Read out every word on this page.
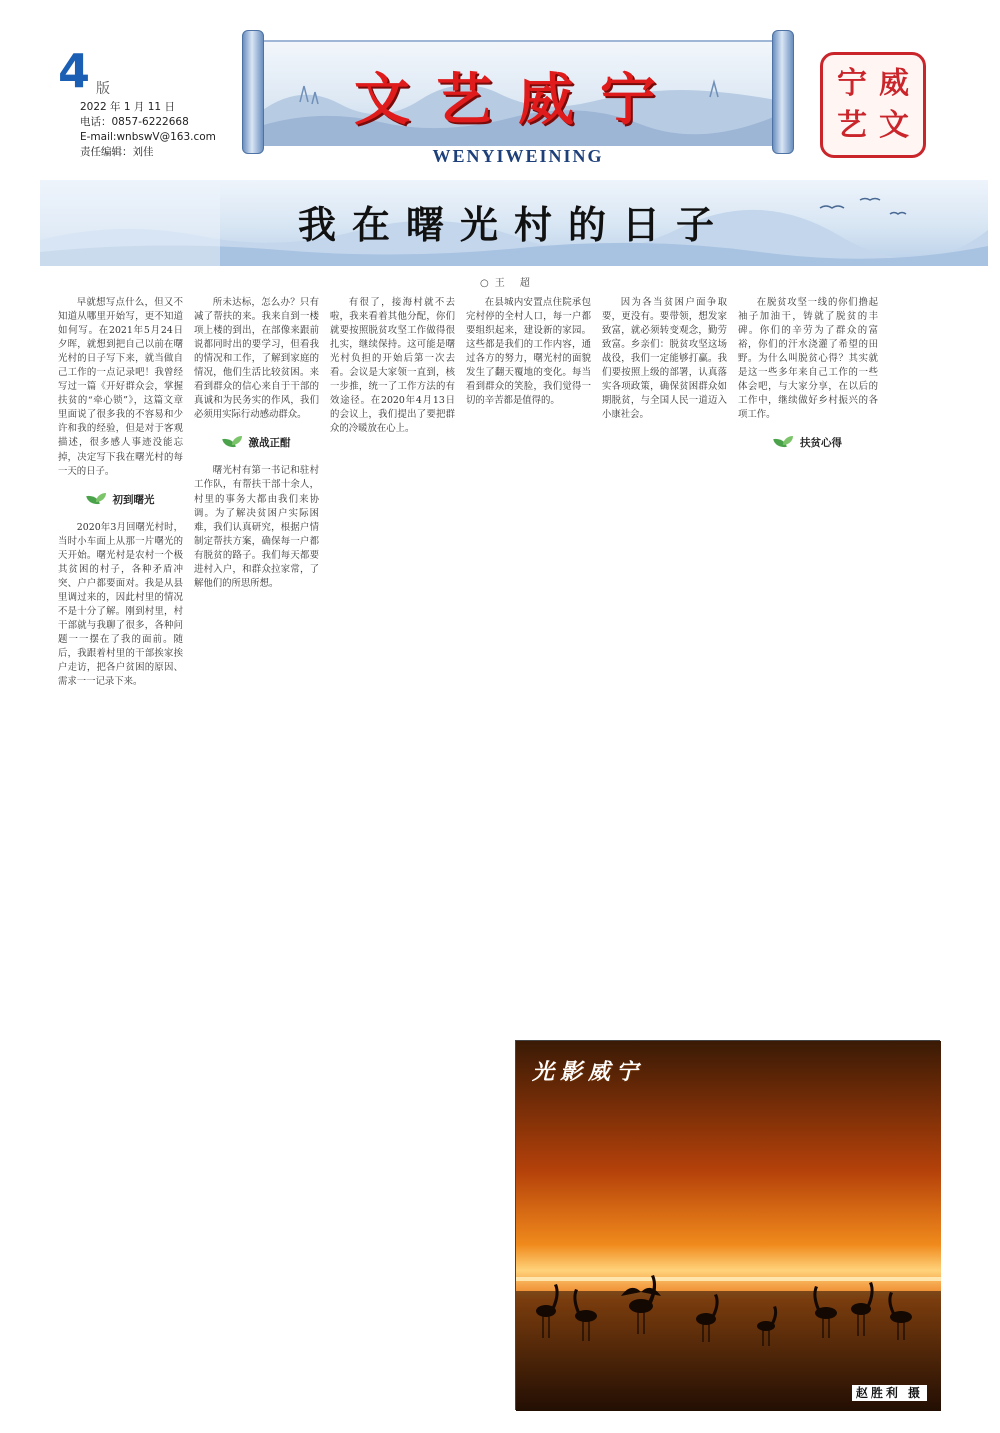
4 版
2022 年 1 月 11 日
电话：0857-6222668
E-mail:wnbswV@163.com
责任编辑：刘佳
文艺威宁
WENYIWEINING
宁 威
艺 文
我在曙光村的日子
○王 超

早就想写点什么，但又不知道从哪里开始写，更不知道如何写。在2021年5月24日夕晖，就想到把自己以前在曙光村的日子写下来，就当做自己工作的一点记录吧！我曾经写过一篇《开好群众会，掌握扶贫的“牵心锁”》，这篇文章里面说了很多我的不容易和少许和我的经验，但是对于客观描述，很多感人事迹没能忘掉，决定写下我在曙光村的每一天的日子。

初到曙光

2020年3月回曙光村时，当时小车面上从那一片曙光的天开始。曙光村是农村一个极其贫困的村子，各种矛盾冲突、户户都要面对。我是从县里调过来的，因此村里的情况不是十分了解。刚到村里，村干部就与我聊了很多，各种问题一一摆在了我的面前。随后，我跟着村里的干部挨家挨户走访，把各户贫困的原因、需求一一记录下来。

所未达标，怎么办？只有减了帮扶的来。我来自到一楼项上楼的到出，在部像来跟前说都同时出的要学习，但看我的情况和工作，了解到家庭的情况，他们生活比较贫困。来看到群众的信心来自于干部的真诚和为民务实的作风，我们必须用实际行动感动群众。

激战正酣

曙光村有第一书记和驻村工作队，有帮扶干部十余人，村里的事务大都由我们来协调。为了解决贫困户实际困难，我们认真研究，根据户情制定帮扶方案，确保每一户都有脱贫的路子。我们每天都要进村入户，和群众拉家常，了解他们的所思所想。

有很了，接海村就不去啦，我来看着其他分配，你们就要按照脱贫攻坚工作做得很扎实，继续保持。这可能是曙光村负担的开始后第一次去看。会议是大家领一直到，核一步推，统一了工作方法的有效途径。在2020年4月13日的会议上，我们提出了要把群众的冷暖放在心上。

在县城内安置点住院承包完村停的全村人口，每一户都要组织起来，建设新的家园。这些都是我们的工作内容，通过各方的努力，曙光村的面貌发生了翻天覆地的变化。每当看到群众的笑脸，我们觉得一切的辛苦都是值得的。

因为各当贫困户面争取要，更没有。要带领，想发家致富，就必须转变观念，勤劳致富。乡亲们：脱贫攻坚这场战役，我们一定能够打赢。我们要按照上级的部署，认真落实各项政策，确保贫困群众如期脱贫，与全国人民一道迈入小康社会。

在脱贫攻坚一线的你们撸起袖子加油干，铸就了脱贫的丰碑。你们的辛劳为了群众的富裕，你们的汗水浇灌了希望的田野。为什么叫脱贫心得？其实就是这一些多年来自己工作的一些体会吧，与大家分享，在以后的工作中，继续做好乡村振兴的各项工作。

扶贫心得
光影威宁
赵胜利 摄
